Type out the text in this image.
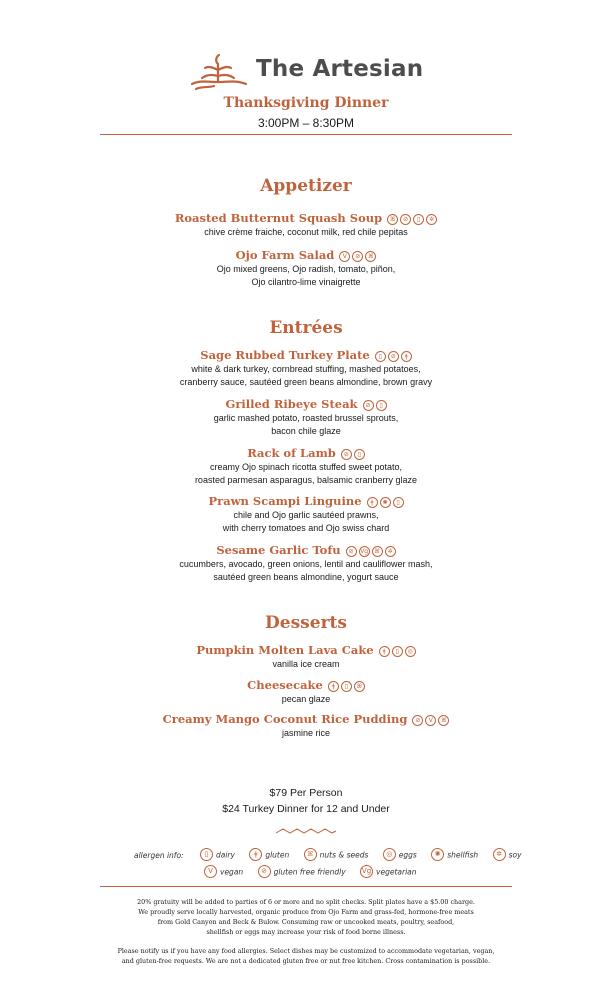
The Artesian
Thanksgiving Dinner
3:00PM – 8:30PM
Appetizer
Roasted Butternut Squash Soup ꕤ ⊘ ▯ ✲
chive crème fraiche, coconut milk, red chile pepitas
Ojo Farm Salad V ⊘ ꕤ
Ojo mixed greens, Ojo radish, tomato, piñon,
Ojo cilantro-lime vinaigrette
Entrées
Sage Rubbed Turkey Plate ▯ ⊘ ǂ
white & dark turkey, cornbread stuffing, mashed potatoes,
cranberry sauce, sautéed green beans almondine, brown gravy
Grilled Ribeye Steak ⊘ ▯
garlic mashed potato, roasted brussel sprouts,
bacon chile glaze
Rack of Lamb ⊘ ▯
creamy Ojo spinach ricotta stuffed sweet potato,
roasted parmesan asparagus, balsamic cranberry glaze
Prawn Scampi Linguine ǂ ✺ ▯
chile and Ojo garlic sautéed prawns,
with cherry tomatoes and Ojo swiss chard
Sesame Garlic Tofu ⊘ Vg ꕤ ✲
cucumbers, avocado, green onions, lentil and cauliflower mash,
sautéed green beans almondine, yogurt sauce
Desserts
Pumpkin Molten Lava Cake ǂ ▯ ◎
vanilla ice cream
Cheesecake ǂ ▯ ꕤ
pecan glaze
Creamy Mango Coconut Rice Pudding ⊘ V ꕤ
jasmine rice
$79 Per Person
$24 Turkey Dinner for 12 and Under
allergen info:	▯ dairy	ǂ gluten	ꕤ nuts & seeds	◎ eggs	✺ shellfish	✲ soy
V vegan	⊘ gluten free friendly Vg vegetarian
20% gratuity will be added to parties of 6 or more and no split checks. Split plates have a $5.00 charge.
We proudly serve locally harvested, organic produce from Ojo Farm and grass-fed, hormone-free meats
from Gold Canyon and Beck & Bulow. Consuming raw or uncooked meats, poultry, seafood,
shellfish or eggs may increase your risk of food borne illness.
Please notify us if you have any food allergies. Select dishes may be customized to accommodate vegetarian, vegan,
and gluten-free requests. We are not a dedicated gluten free or nut free kitchen. Cross contamination is possible.
